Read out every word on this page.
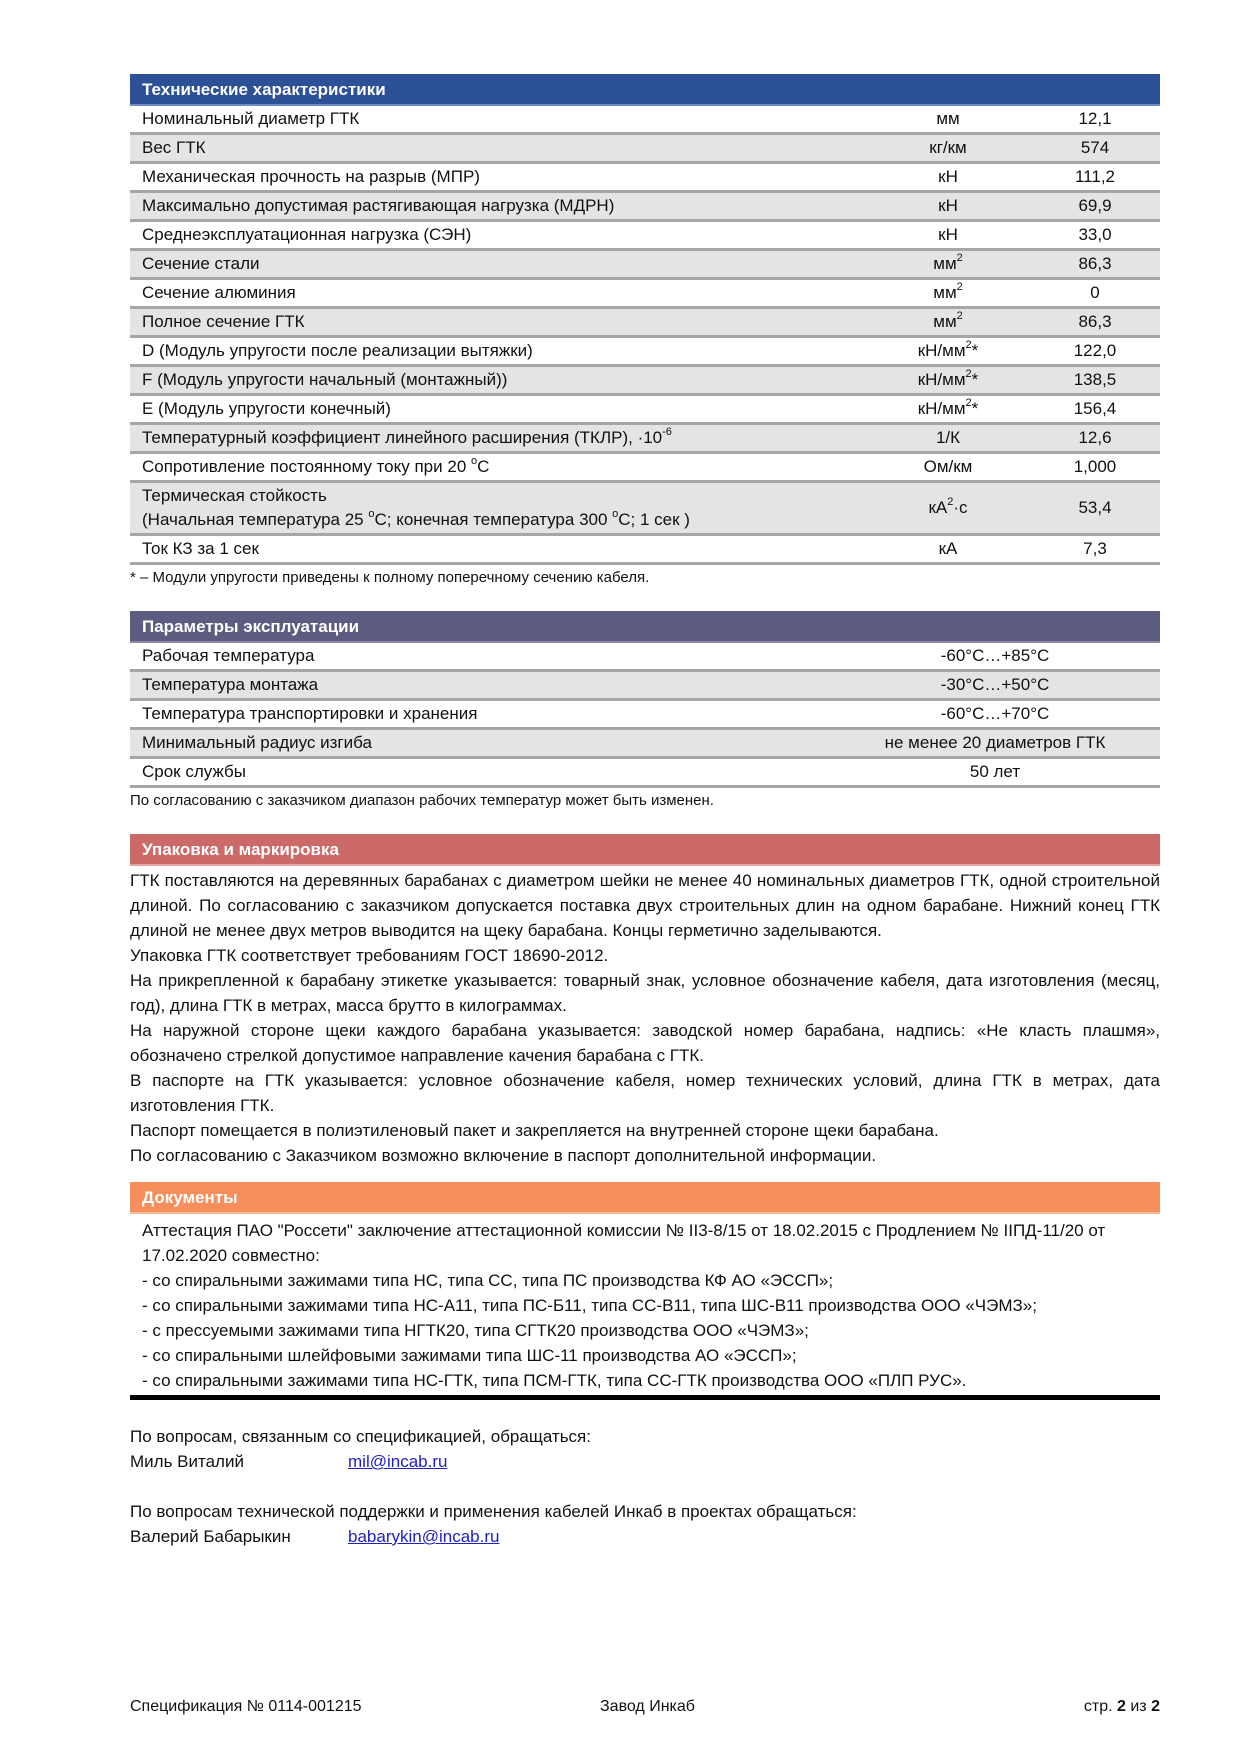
Технические характеристики
Номинальный диаметр ГТК	мм	12,1
Вес ГТК	кг/км	574
Механическая прочность на разрыв (МПР)	кН	111,2
Максимально допустимая растягивающая нагрузка (МДРН)	кН	69,9
Среднеэксплуатационная нагрузка (СЭН)	кН	33,0
Сечение стали	$мм^2$	86,3
Сечение алюминия	$мм^2$	0
Полное сечение ГТК	$мм^2$	86,3
D (Модуль упругости после реализации вытяжки)	$кН/мм^2*$	122,0
F (Модуль упругости начальный (монтажный))	$кН/мм^2*$	138,5
E (Модуль упругости конечный)	$кН/мм^2*$	156,4
Температурный коэффициент линейного расширения (ТКЛР), $\cdot 10^{-6}$	1/К	12,6
Сопротивление постоянному току при 20 $^о$С	Ом/км	1,000

Термическая стойкость
(Начальная температура 25 $^о$С; конечная температура 300 $^о$С; 1 сек )	$кА^2\cdot с$	53,4
Ток КЗ за 1 сек	кА	7,3
* – Модули упругости приведены к полному поперечному сечению кабеля.
Параметры эксплуатации
Рабочая температура	-60°C…+85°C
Температура монтажа	-30°C…+50°C
Температура транспортировки и хранения	-60°C…+70°C
Минимальный радиус изгиба	не менее 20 диаметров ГТК
Срок службы	50 лет
По согласованию с заказчиком диапазон рабочих температур может быть изменен.
Упаковка и маркировка

ГТК поставляются на деревянных барабанах с диаметром шейки не менее 40 номинальных диаметров ГТК, одной строительной длиной. По согласованию с заказчиком допускается поставка двух строительных длин на одном барабане. Нижний конец ГТК длиной не менее двух метров выводится на щеку барабана. Концы герметично заделываются.

Упаковка ГТК соответствует требованиям ГОСТ 18690-2012.

На прикрепленной к барабану этикетке указывается: товарный знак, условное обозначение кабеля, дата изготовления (месяц, год), длина ГТК в метрах, масса брутто в килограммах.

На наружной стороне щеки каждого барабана указывается: заводской номер барабана, надпись: «Не класть плашмя», обозначено стрелкой допустимое направление качения барабана с ГТК.

В паспорте на ГТК указывается: условное обозначение кабеля, номер технических условий, длина ГТК в метрах, дата изготовления ГТК.

Паспорт помещается в полиэтиленовый пакет и закрепляется на внутренней стороне щеки барабана.

По согласованию с Заказчиком возможно включение в паспорт дополнительной информации.

Документы

Аттестация ПАО "Россети" заключение аттестационной комиссии № II3-8/15 от 18.02.2015 с Продлением № IIПД-11/20 от 17.02.2020 совместно:

- со спиральными зажимами типа НС, типа СС, типа ПС производства КФ АО «ЭССП»;

- со спиральными зажимами типа НС-А11, типа ПС-Б11, типа СС-В11, типа ШС-В11 производства ООО «ЧЭМЗ»;

- с прессуемыми зажимами типа НГТК20, типа СГТК20 производства ООО «ЧЭМЗ»;

- со спиральными шлейфовыми зажимами типа ШС-11 производства АО «ЭССП»;

- со спиральными зажимами типа НС-ГТК, типа ПСМ-ГТК, типа СС-ГТК производства ООО «ПЛП РУС».

По вопросам, связанным со спецификацией, обращаться:
Миль Виталий	mil@incab.ru
По вопросам технической поддержки и применения кабелей Инкаб в проектах обращаться:
Валерий Бабарыкин	babarykin@incab.ru
Спецификация № 0114-001215	Завод Инкаб	стр. 2 из 2
